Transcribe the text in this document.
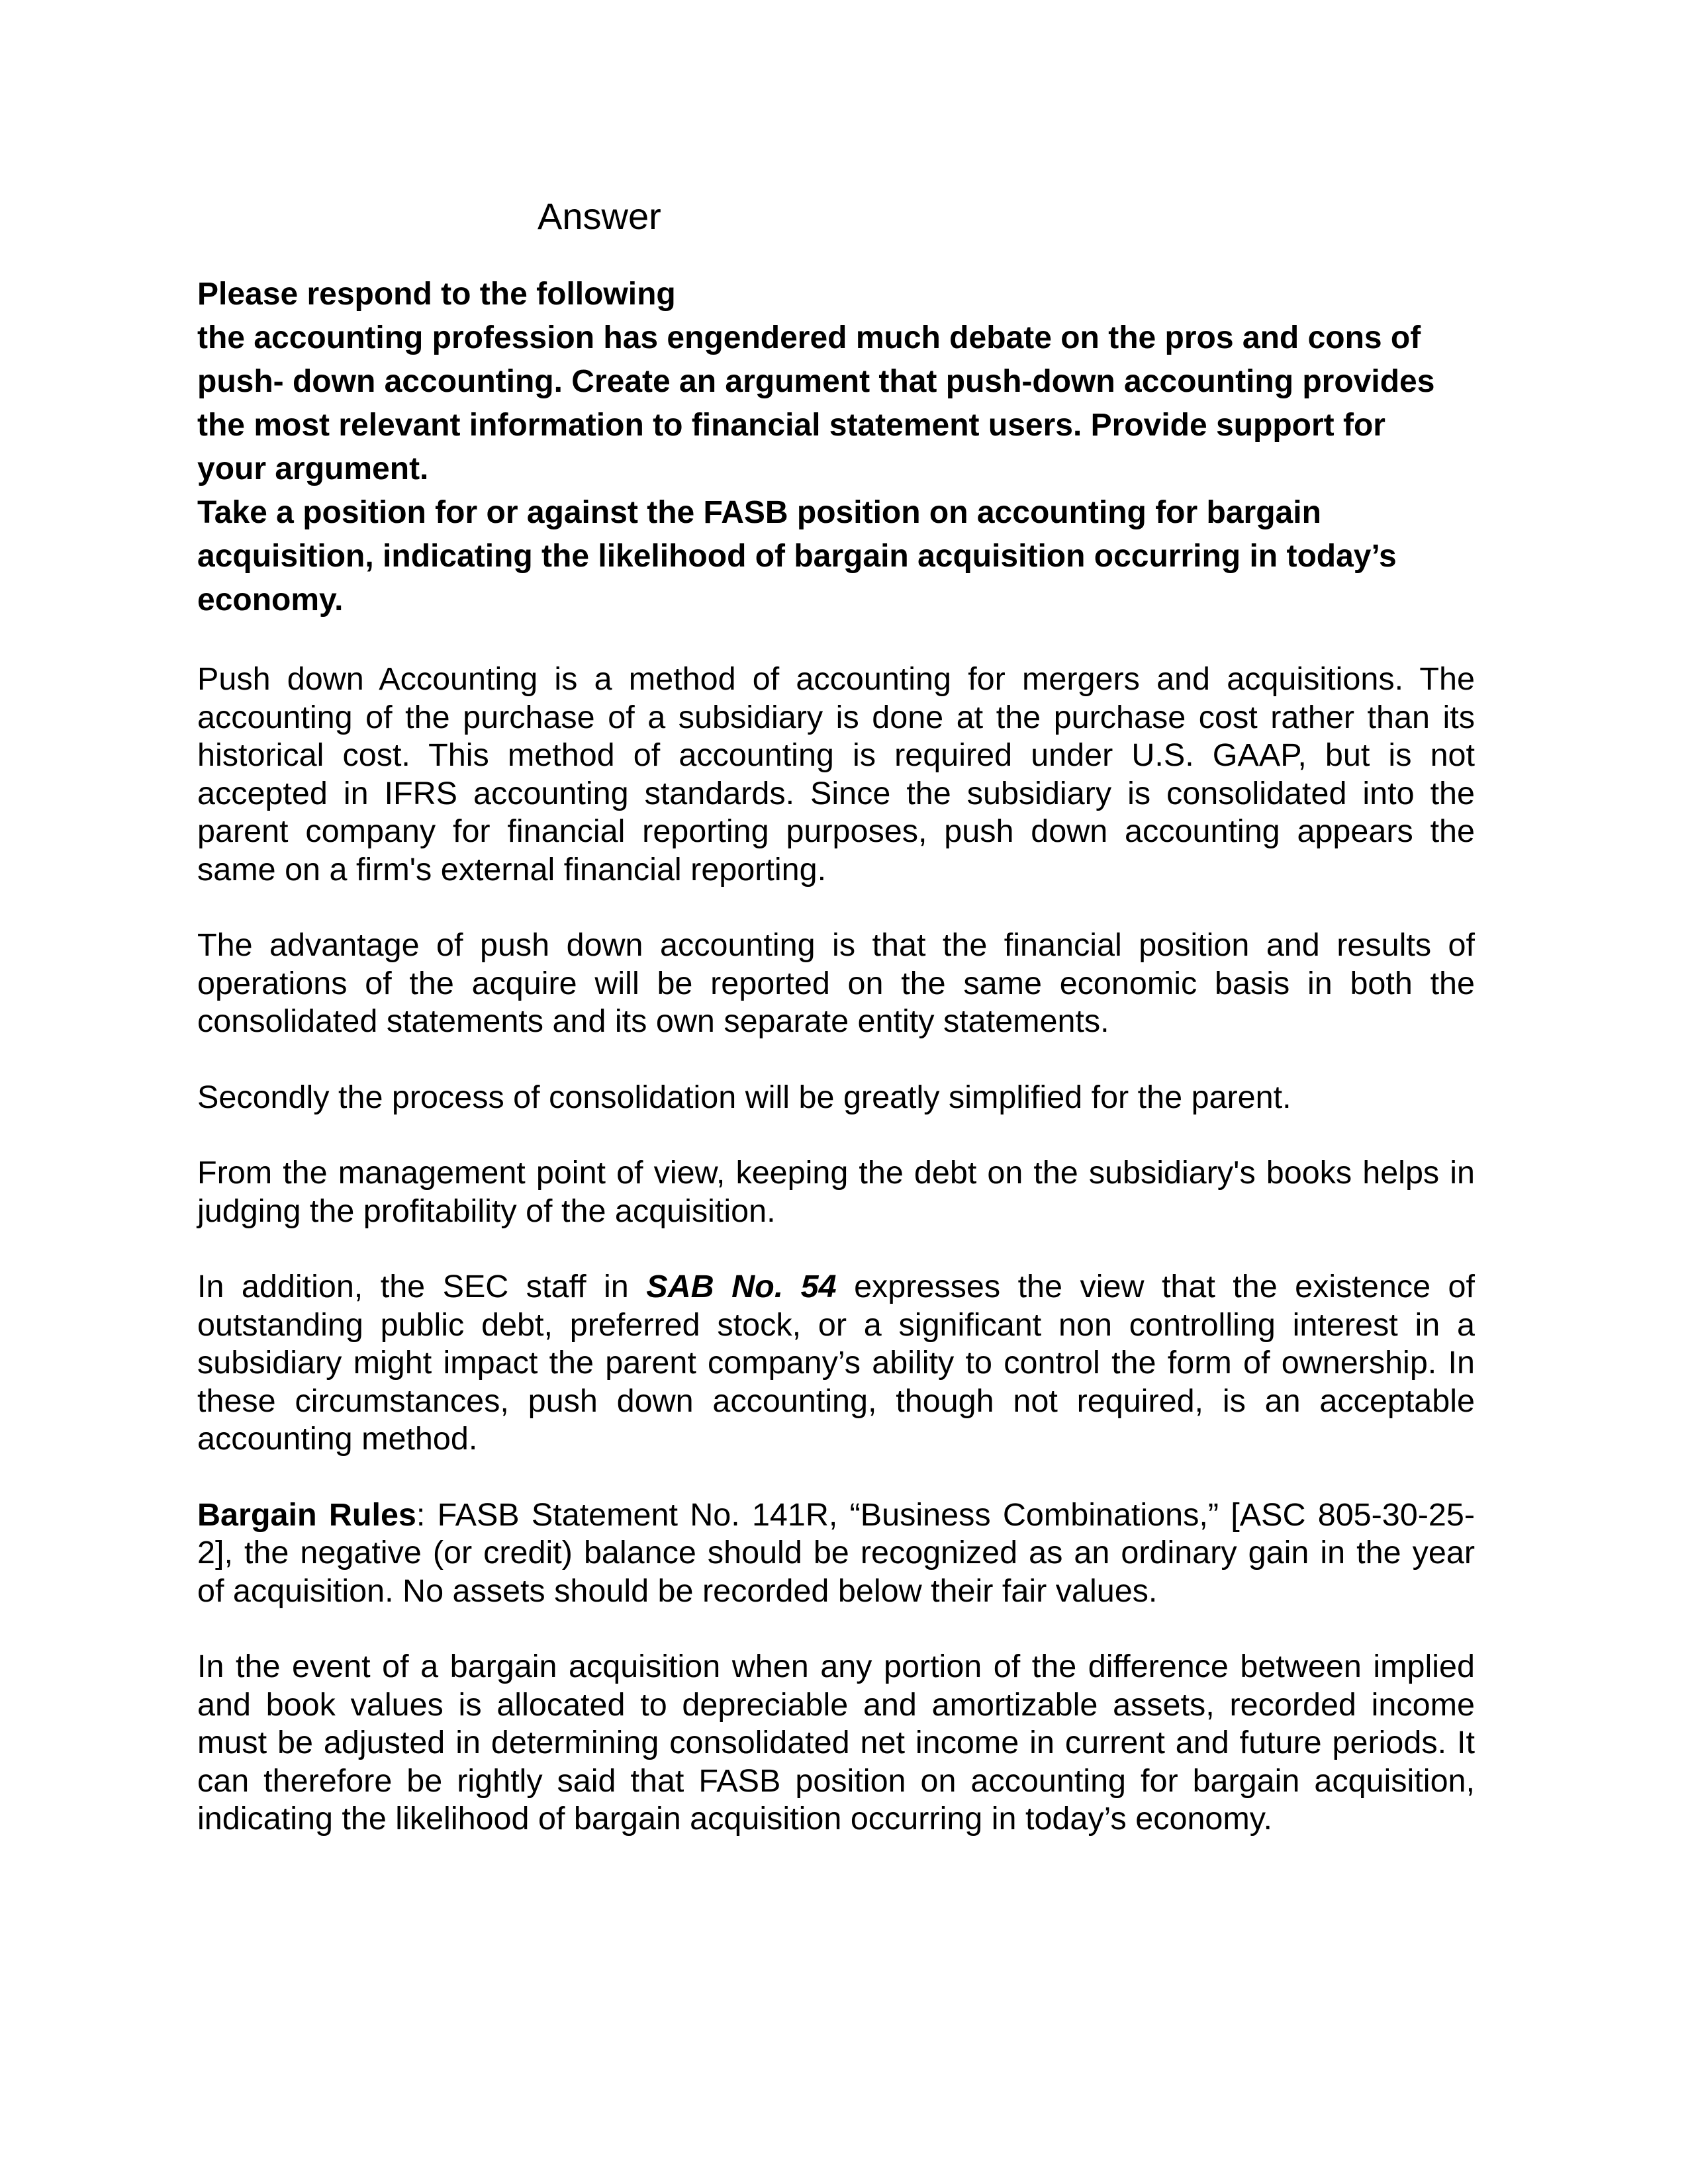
Answer

Please respond to the following

the accounting profession has engendered much debate on the pros and cons of

push- down accounting. Create an argument that push-down accounting provides

the most relevant information to financial statement users. Provide support for

your argument.

Take a position for or against the FASB position on accounting for bargain

acquisition, indicating the likelihood of bargain acquisition occurring in today’s

economy.

Push down Accounting is a method of accounting for mergers and acquisitions. The accounting of the purchase of a subsidiary is done at the purchase cost rather than its historical cost. This method of accounting is required under U.S. GAAP, but is not accepted in IFRS accounting standards. Since the subsidiary is consolidated into the parent company for financial reporting purposes, push down accounting appears the same on a firm's external financial reporting.

The advantage of push down accounting is that the financial position and results of operations of the acquire will be reported on the same economic basis in both the consolidated statements and its own separate entity statements.

Secondly the process of consolidation will be greatly simplified for the parent.

From the management point of view, keeping the debt on the subsidiary's books helps in judging the profitability of the acquisition.

In addition, the SEC staff in SAB No. 54 expresses the view that the existence of outstanding public debt, preferred stock, or a significant non controlling interest in a subsidiary might impact the parent company’s ability to control the form of ownership. In these circumstances, push down accounting, though not required, is an acceptable accounting method.

Bargain Rules: FASB Statement No. 141R, “Business Combinations,” [ASC 805-30-25-2], the negative (or credit) balance should be recognized as an ordinary gain in the year of acquisition. No assets should be recorded below their fair values.

In the event of a bargain acquisition when any portion of the difference between implied and book values is allocated to depreciable and amortizable assets, recorded income must be adjusted in determining consolidated net income in current and future periods. It can therefore be rightly said that FASB position on accounting for bargain acquisition, indicating the likelihood of bargain acquisition occurring in today’s economy.
